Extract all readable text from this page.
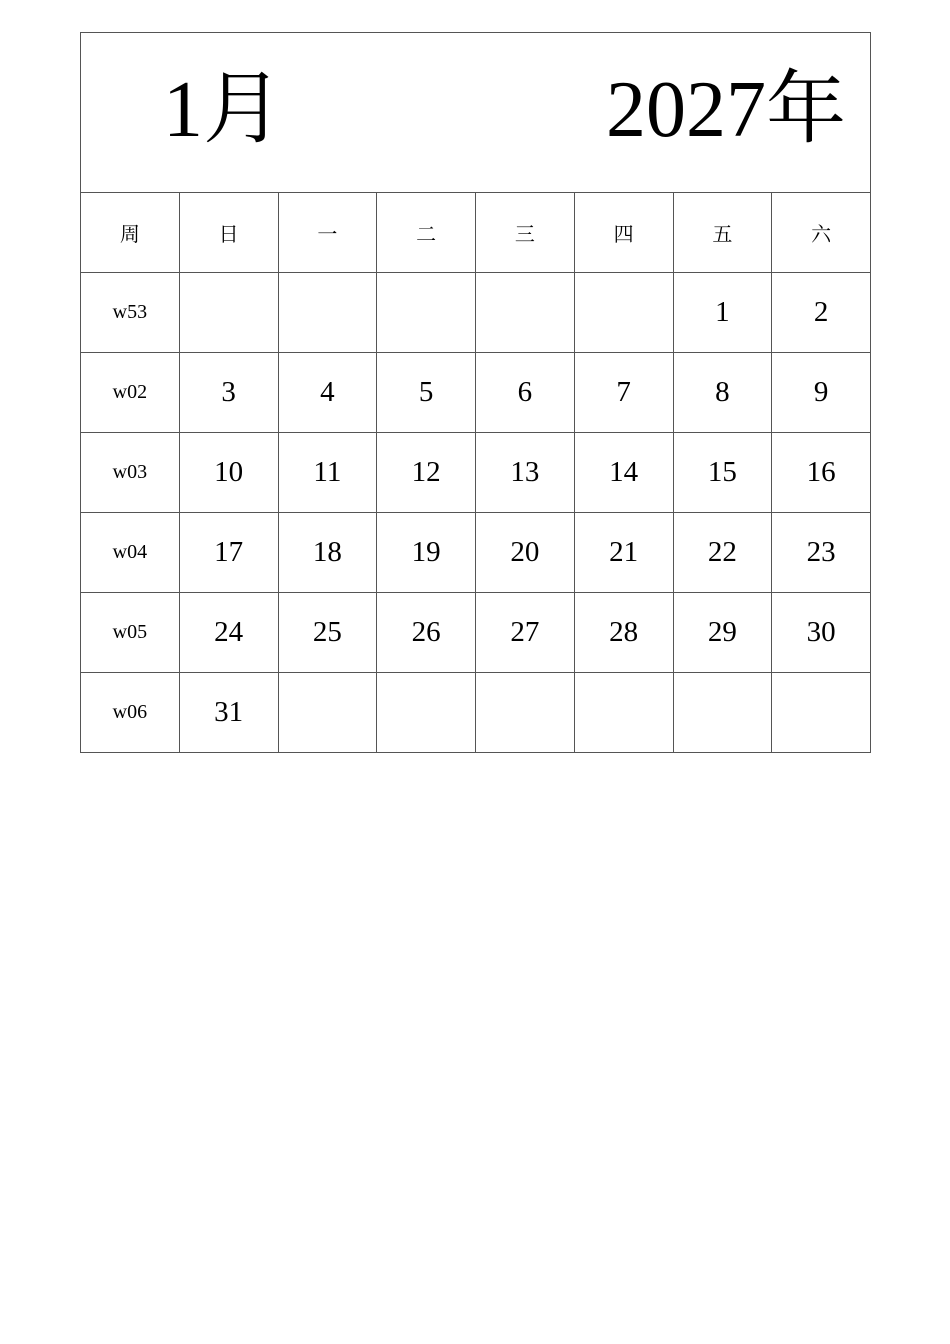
1月 2027年							

周	日	一	二	三	四	五	六
w53						1	2
w02	3	4	5	6	7	8	9
w03	10	11	12	13	14	15	16
w04	17	18	19	20	21	22	23
w05	24	25	26	27	28	29	30
w06	31						
